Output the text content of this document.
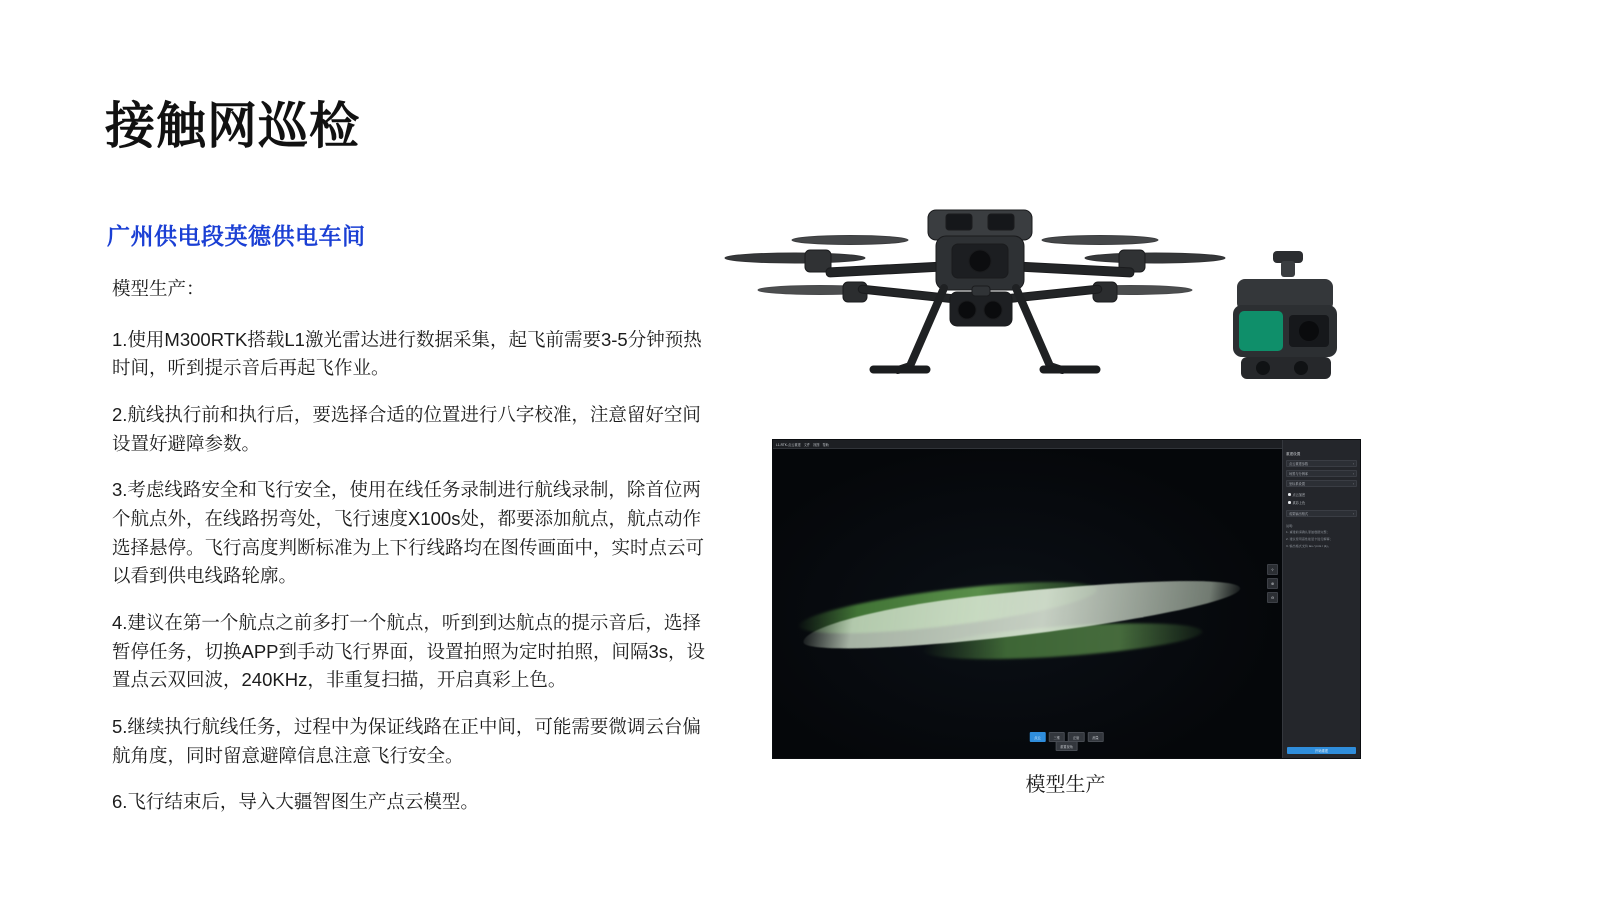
接触网巡检
广州供电段英德供电车间

模型生产：

1.使用M300RTK搭载L1激光雷达进行数据采集，起飞前需要3-5分钟预热时间，听到提示音后再起飞作业。

2.航线执行前和执行后，要选择合适的位置进行八字校准，注意留好空间设置好避障参数。

3.考虑线路安全和飞行安全，使用在线任务录制进行航线录制，除首位两个航点外，在线路拐弯处，飞行速度X100s处，都要添加航点，航点动作选择悬停。飞行高度判断标准为上下行线路均在图传画面中，实时点云可以看到供电线路轮廓。

4.建议在第一个航点之前多打一个航点，听到到达航点的提示音后，选择暂停任务，切换APP到手动飞行界面，设置拍照为定时拍照，间隔3s，设置点云双回波，240KHz，非重复扫描，开启真彩上色。

5.继续执行航线任务，过程中为保证线路在正中间，可能需要微调云台偏航角度，同时留意避障信息注意飞行安全。

6.飞行结束后，导入大疆智图生产点云模型。

L1-RTK-点云重建 文件 视图 帮助
⊹
⊕
⊖
点云	三维	正射	测量
重置视角
重建设置
点云重建参数	›
场景与分辨率	›
坐标系设置	›
点云加密
真彩上色
成果输出格式	›
说明：
1. 重建前请确认原始数据完整；
2. 建议使用高性能显卡进行解算；
3. 输出格式支持 las / pnts / ply。
开始重建
模型生产
